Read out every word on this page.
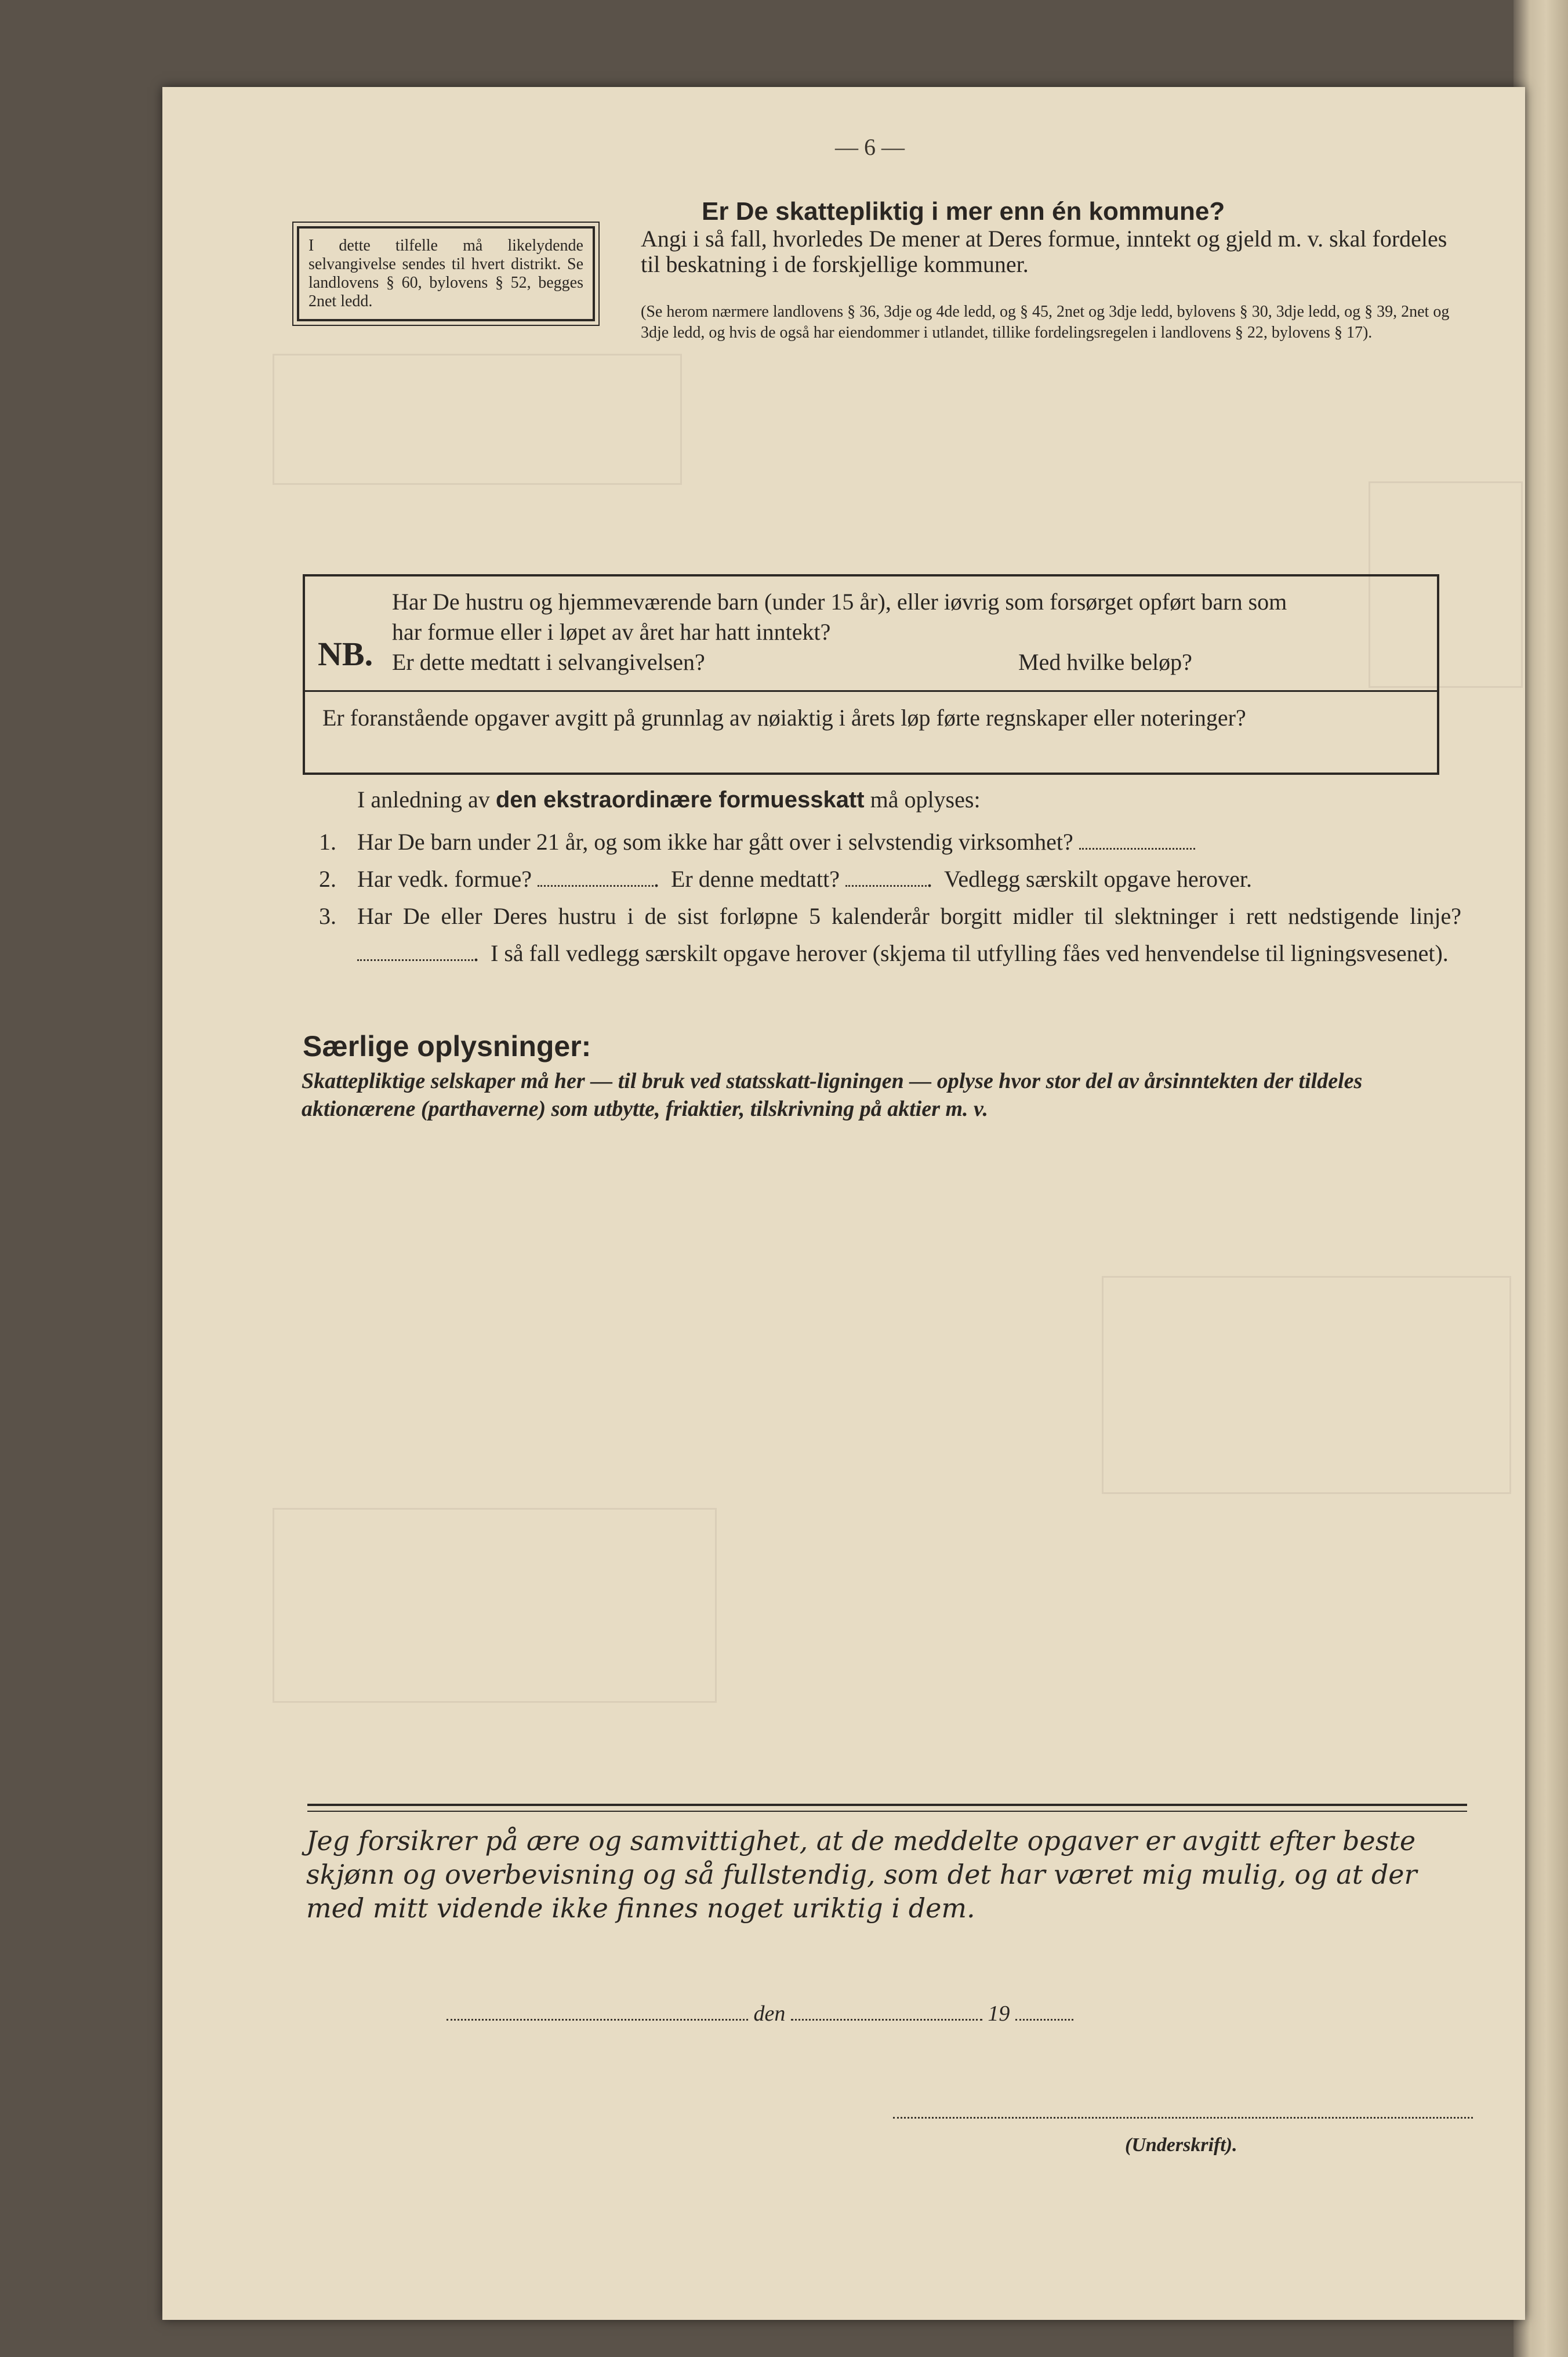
— 6 —
I dette tilfelle må likelydende selvangivelse sendes til hvert distrikt. Se landlovens § 60, bylovens § 52, begges 2net ledd.
Er De skattepliktig i mer enn én kommune?
Angi i så fall, hvorledes De mener at Deres formue, inntekt og gjeld m. v. skal fordeles til beskatning i de forskjellige kommuner.
(Se herom nærmere landlovens § 36, 3dje og 4de ledd, og § 45, 2net og 3dje ledd, bylovens § 30, 3dje ledd, og § 39, 2net og 3dje ledd, og hvis de også har eiendommer i utlandet, tillike fordelingsregelen i landlovens § 22, bylovens § 17).
NB.
Har De hustru og hjemmeværende barn (under 15 år), eller iøvrig som forsørget opført barn som
har formue eller i løpet av året har hatt inntekt?
Er dette medtatt i selvangivelsen?	Med hvilke beløp?
Er foranstående opgaver avgitt på grunnlag av nøiaktig i årets løp førte regnskaper eller noteringer?
I anledning av den ekstraordinære formuesskatt må oplyses:
1. Har De barn under 21 år, og som ikke har gått over i selvstendig virksomhet?
2. Har vedk. formue?	.  Er denne medtatt?	.  Vedlegg særskilt opgave herover.
3. Har De eller Deres hustru i de sist forløpne 5 kalenderår borgitt midler til slektninger i rett nedstigende linje? .  I så fall vedlegg særskilt opgave herover (skjema til utfylling fåes ved henvendelse til ligningsvesenet).
Særlige oplysninger:
Skattepliktige selskaper må her — til bruk ved statsskatt-ligningen — oplyse hvor stor del av årsinntekten der tildeles aktionærene (parthaverne) som utbytte, friaktier, tilskrivning på aktier m. v.
Jeg forsikrer på ære og samvittighet, at de meddelte opgaver er avgitt efter beste skjønn og overbevisning og så fullstendig, som det har været mig mulig, og at der med mitt vidende ikke finnes noget uriktig i dem.
den	19
(Underskrift).
